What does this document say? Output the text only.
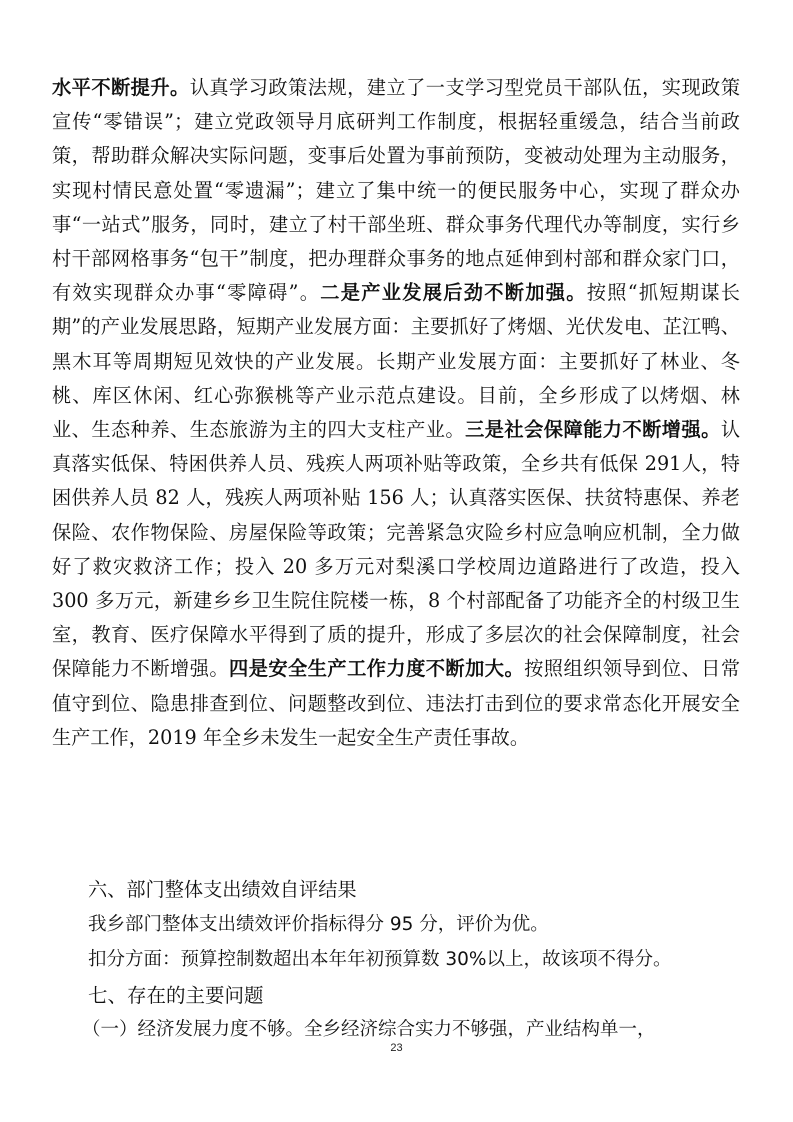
水平不断提升。认真学习政策法规，建立了一支学习型党员干部队伍，实现政策宣传“零错误”；建立党政领导月底研判工作制度，根据轻重缓急，结合当前政策，帮助群众解决实际问题，变事后处置为事前预防，变被动处理为主动服务，实现村情民意处置“零遗漏”；建立了集中统一的便民服务中心，实现了群众办事“一站式”服务，同时，建立了村干部坐班、群众事务代理代办等制度，实行乡村干部网格事务“包干”制度，把办理群众事务的地点延伸到村部和群众家门口，有效实现群众办事“零障碍”。二是产业发展后劲不断加强。按照“抓短期谋长期”的产业发展思路，短期产业发展方面：主要抓好了烤烟、光伏发电、芷江鸭、黑木耳等周期短见效快的产业发展。长期产业发展方面：主要抓好了林业、冬桃、库区休闲、红心弥猴桃等产业示范点建设。目前，全乡形成了以烤烟、林业、生态种养、生态旅游为主的四大支柱产业。三是社会保障能力不断增强。认真落实低保、特困供养人员、残疾人两项补贴等政策，全乡共有低保 291人，特困供养人员 82 人，残疾人两项补贴 156 人；认真落实医保、扶贫特惠保、养老保险、农作物保险、房屋保险等政策；完善紧急灾险乡村应急响应机制，全力做好了救灾救济工作；投入 20 多万元对梨溪口学校周边道路进行了改造，投入 300 多万元，新建乡乡卫生院住院楼一栋，8 个村部配备了功能齐全的村级卫生室，教育、医疗保障水平得到了质的提升，形成了多层次的社会保障制度，社会保障能力不断增强。四是安全生产工作力度不断加大。按照组织领导到位、日常值守到位、隐患排查到位、问题整改到位、违法打击到位的要求常态化开展安全生产工作，2019 年全乡未发生一起安全生产责任事故。

六、部门整体支出绩效自评结果

我乡部门整体支出绩效评价指标得分 95 分，评价为优。

扣分方面：预算控制数超出本年年初预算数 30%以上，故该项不得分。

七、存在的主要问题

（一）经济发展力度不够。全乡经济综合实力不够强，产业结构单一，

23
